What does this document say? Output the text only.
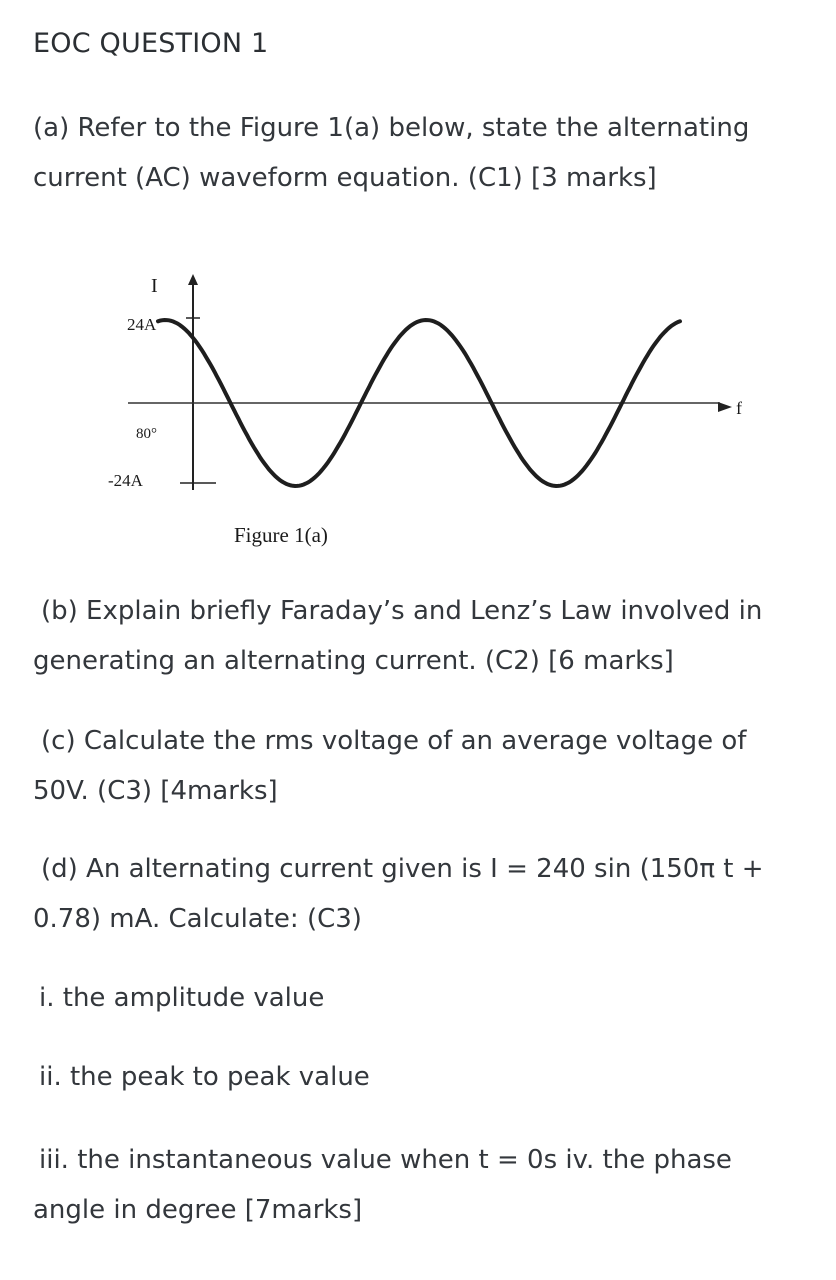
EOC QUESTION 1
(a) Refer to the Figure 1(a) below, state the alternating
current (AC) waveform equation. (C1) [3 marks]
I
24A
80°
-24A
f
Figure 1(a)
(b) Explain briefly Faraday’s and Lenz’s Law involved in
generating an alternating current. (C2) [6 marks]
(c) Calculate the rms voltage of an average voltage of
50V. (C3) [4marks]
(d) An alternating current given is I = 240 sin (150π t +
0.78) mA. Calculate: (C3)
i. the amplitude value
ii. the peak to peak value
iii. the instantaneous value when t = 0s iv. the phase
angle in degree [7marks]
